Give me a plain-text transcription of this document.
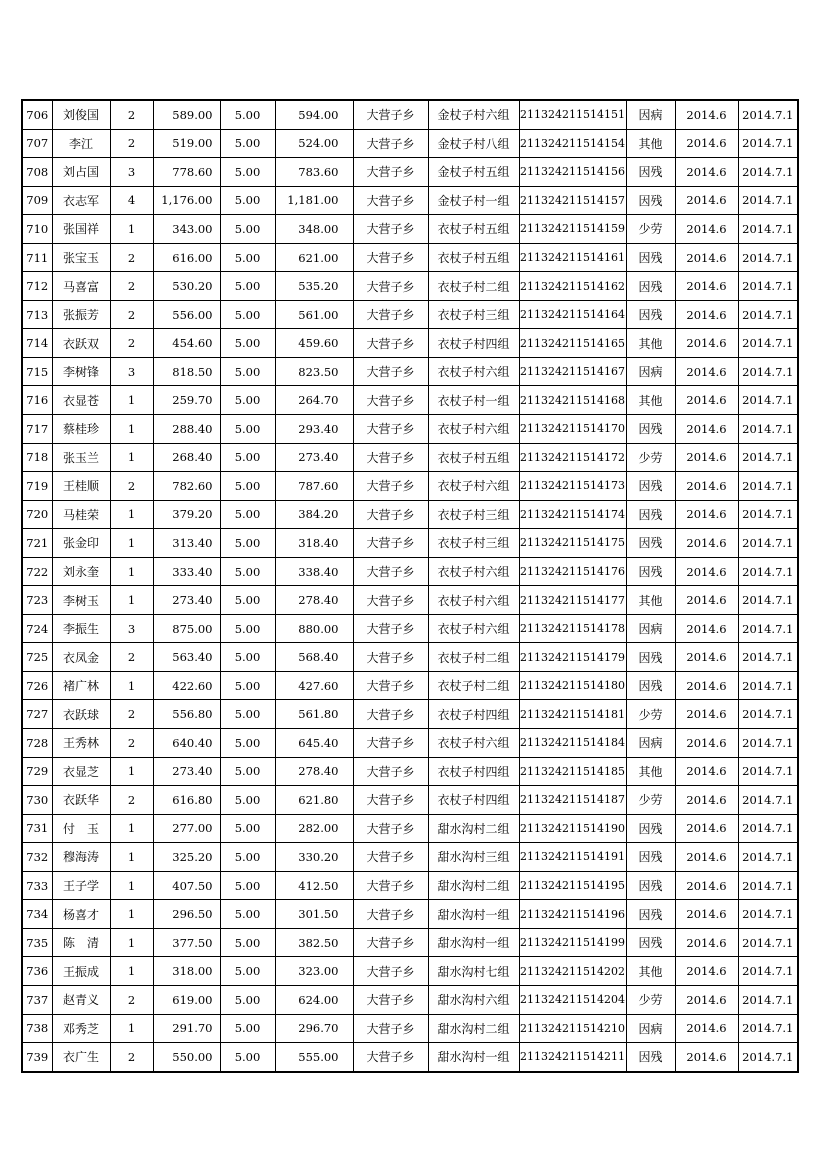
706	刘俊国	2	589.00	5.00	594.00	大营子乡	金杖子村六组	211324211514151	因病	2014.6	2014.7.1
707	李江	2	519.00	5.00	524.00	大营子乡	金杖子村八组	211324211514154	其他	2014.6	2014.7.1
708	刘占国	3	778.60	5.00	783.60	大营子乡	金杖子村五组	211324211514156	因残	2014.6	2014.7.1
709	衣志军	4	1,176.00	5.00	1,181.00	大营子乡	金杖子村一组	211324211514157	因残	2014.6	2014.7.1
710	张国祥	1	343.00	5.00	348.00	大营子乡	衣杖子村五组	211324211514159	少劳	2014.6	2014.7.1
711	张宝玉	2	616.00	5.00	621.00	大营子乡	衣杖子村五组	211324211514161	因残	2014.6	2014.7.1
712	马喜富	2	530.20	5.00	535.20	大营子乡	衣杖子村二组	211324211514162	因残	2014.6	2014.7.1
713	张振芳	2	556.00	5.00	561.00	大营子乡	衣杖子村三组	211324211514164	因残	2014.6	2014.7.1
714	衣跃双	2	454.60	5.00	459.60	大营子乡	衣杖子村四组	211324211514165	其他	2014.6	2014.7.1
715	李树锋	3	818.50	5.00	823.50	大营子乡	衣杖子村六组	211324211514167	因病	2014.6	2014.7.1
716	衣显苍	1	259.70	5.00	264.70	大营子乡	衣杖子村一组	211324211514168	其他	2014.6	2014.7.1
717	蔡桂珍	1	288.40	5.00	293.40	大营子乡	衣杖子村六组	211324211514170	因残	2014.6	2014.7.1
718	张玉兰	1	268.40	5.00	273.40	大营子乡	衣杖子村五组	211324211514172	少劳	2014.6	2014.7.1
719	王桂顺	2	782.60	5.00	787.60	大营子乡	衣杖子村六组	211324211514173	因残	2014.6	2014.7.1
720	马桂荣	1	379.20	5.00	384.20	大营子乡	衣杖子村三组	211324211514174	因残	2014.6	2014.7.1
721	张金印	1	313.40	5.00	318.40	大营子乡	衣杖子村三组	211324211514175	因残	2014.6	2014.7.1
722	刘永奎	1	333.40	5.00	338.40	大营子乡	衣杖子村六组	211324211514176	因残	2014.6	2014.7.1
723	李树玉	1	273.40	5.00	278.40	大营子乡	衣杖子村六组	211324211514177	其他	2014.6	2014.7.1
724	李振生	3	875.00	5.00	880.00	大营子乡	衣杖子村六组	211324211514178	因病	2014.6	2014.7.1
725	衣凤金	2	563.40	5.00	568.40	大营子乡	衣杖子村二组	211324211514179	因残	2014.6	2014.7.1
726	褚广林	1	422.60	5.00	427.60	大营子乡	衣杖子村二组	211324211514180	因残	2014.6	2014.7.1
727	衣跃球	2	556.80	5.00	561.80	大营子乡	衣杖子村四组	211324211514181	少劳	2014.6	2014.7.1
728	王秀林	2	640.40	5.00	645.40	大营子乡	衣杖子村六组	211324211514184	因病	2014.6	2014.7.1
729	衣显芝	1	273.40	5.00	278.40	大营子乡	衣杖子村四组	211324211514185	其他	2014.6	2014.7.1
730	衣跃华	2	616.80	5.00	621.80	大营子乡	衣杖子村四组	211324211514187	少劳	2014.6	2014.7.1
731	付　玉	1	277.00	5.00	282.00	大营子乡	甜水沟村二组	211324211514190	因残	2014.6	2014.7.1
732	穆海涛	1	325.20	5.00	330.20	大营子乡	甜水沟村三组	211324211514191	因残	2014.6	2014.7.1
733	王子学	1	407.50	5.00	412.50	大营子乡	甜水沟村二组	211324211514195	因残	2014.6	2014.7.1
734	杨喜才	1	296.50	5.00	301.50	大营子乡	甜水沟村一组	211324211514196	因残	2014.6	2014.7.1
735	陈　清	1	377.50	5.00	382.50	大营子乡	甜水沟村一组	211324211514199	因残	2014.6	2014.7.1
736	王振成	1	318.00	5.00	323.00	大营子乡	甜水沟村七组	211324211514202	其他	2014.6	2014.7.1
737	赵青义	2	619.00	5.00	624.00	大营子乡	甜水沟村六组	211324211514204	少劳	2014.6	2014.7.1
738	邓秀芝	1	291.70	5.00	296.70	大营子乡	甜水沟村二组	211324211514210	因病	2014.6	2014.7.1
739	衣广生	2	550.00	5.00	555.00	大营子乡	甜水沟村一组	211324211514211	因残	2014.6	2014.7.1
